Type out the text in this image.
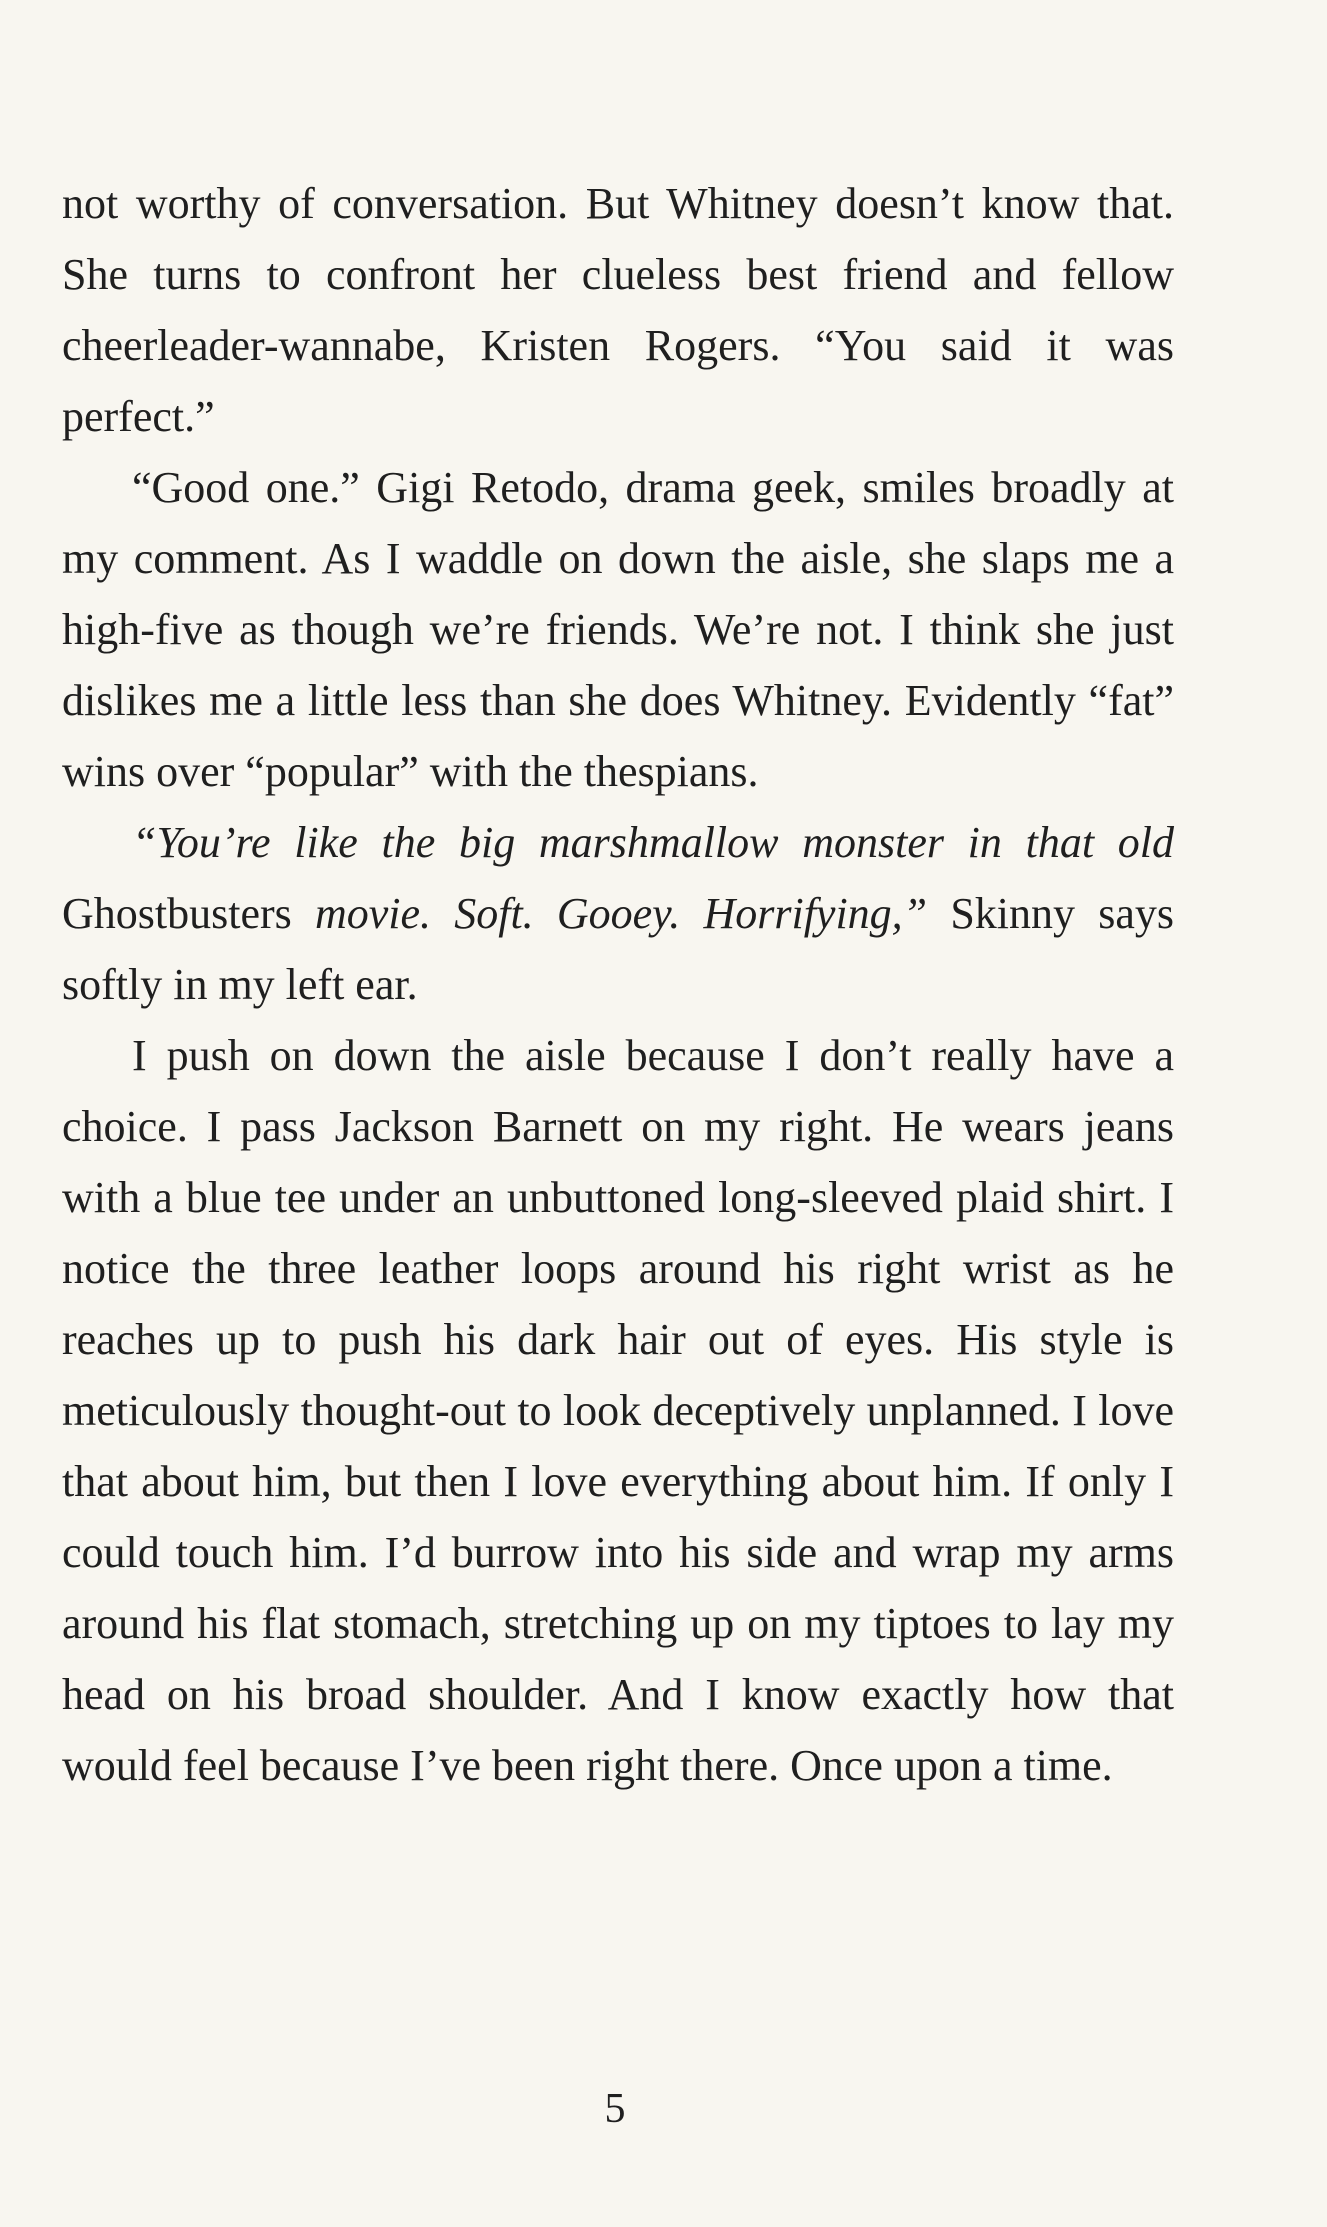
not worthy of conversation. But Whitney doesn’t know that. She turns to confront her clueless best friend and fellow cheerleader-wannabe, Kristen Rogers. “You said it was perfect.”

“Good one.” Gigi Retodo, drama geek, smiles broadly at my comment. As I waddle on down the aisle, she slaps me a high-five as though we’re friends. We’re not. I think she just dislikes me a little less than she does Whitney. Evidently “fat” wins over “popular” with the thespians.

“You’re like the big marshmallow monster in that old Ghostbusters movie. Soft. Gooey. Horrifying,” Skinny says softly in my left ear.

I push on down the aisle because I don’t really have a choice. I pass Jackson Barnett on my right. He wears jeans with a blue tee under an unbuttoned long-sleeved plaid shirt. I notice the three leather loops around his right wrist as he reaches up to push his dark hair out of eyes. His style is meticulously thought-out to look deceptively unplanned. I love that about him, but then I love everything about him. If only I could touch him. I’d burrow into his side and wrap my arms around his flat stomach, stretching up on my tiptoes to lay my head on his broad shoulder. And I know exactly how that would feel because I’ve been right there. Once upon a time.

5
